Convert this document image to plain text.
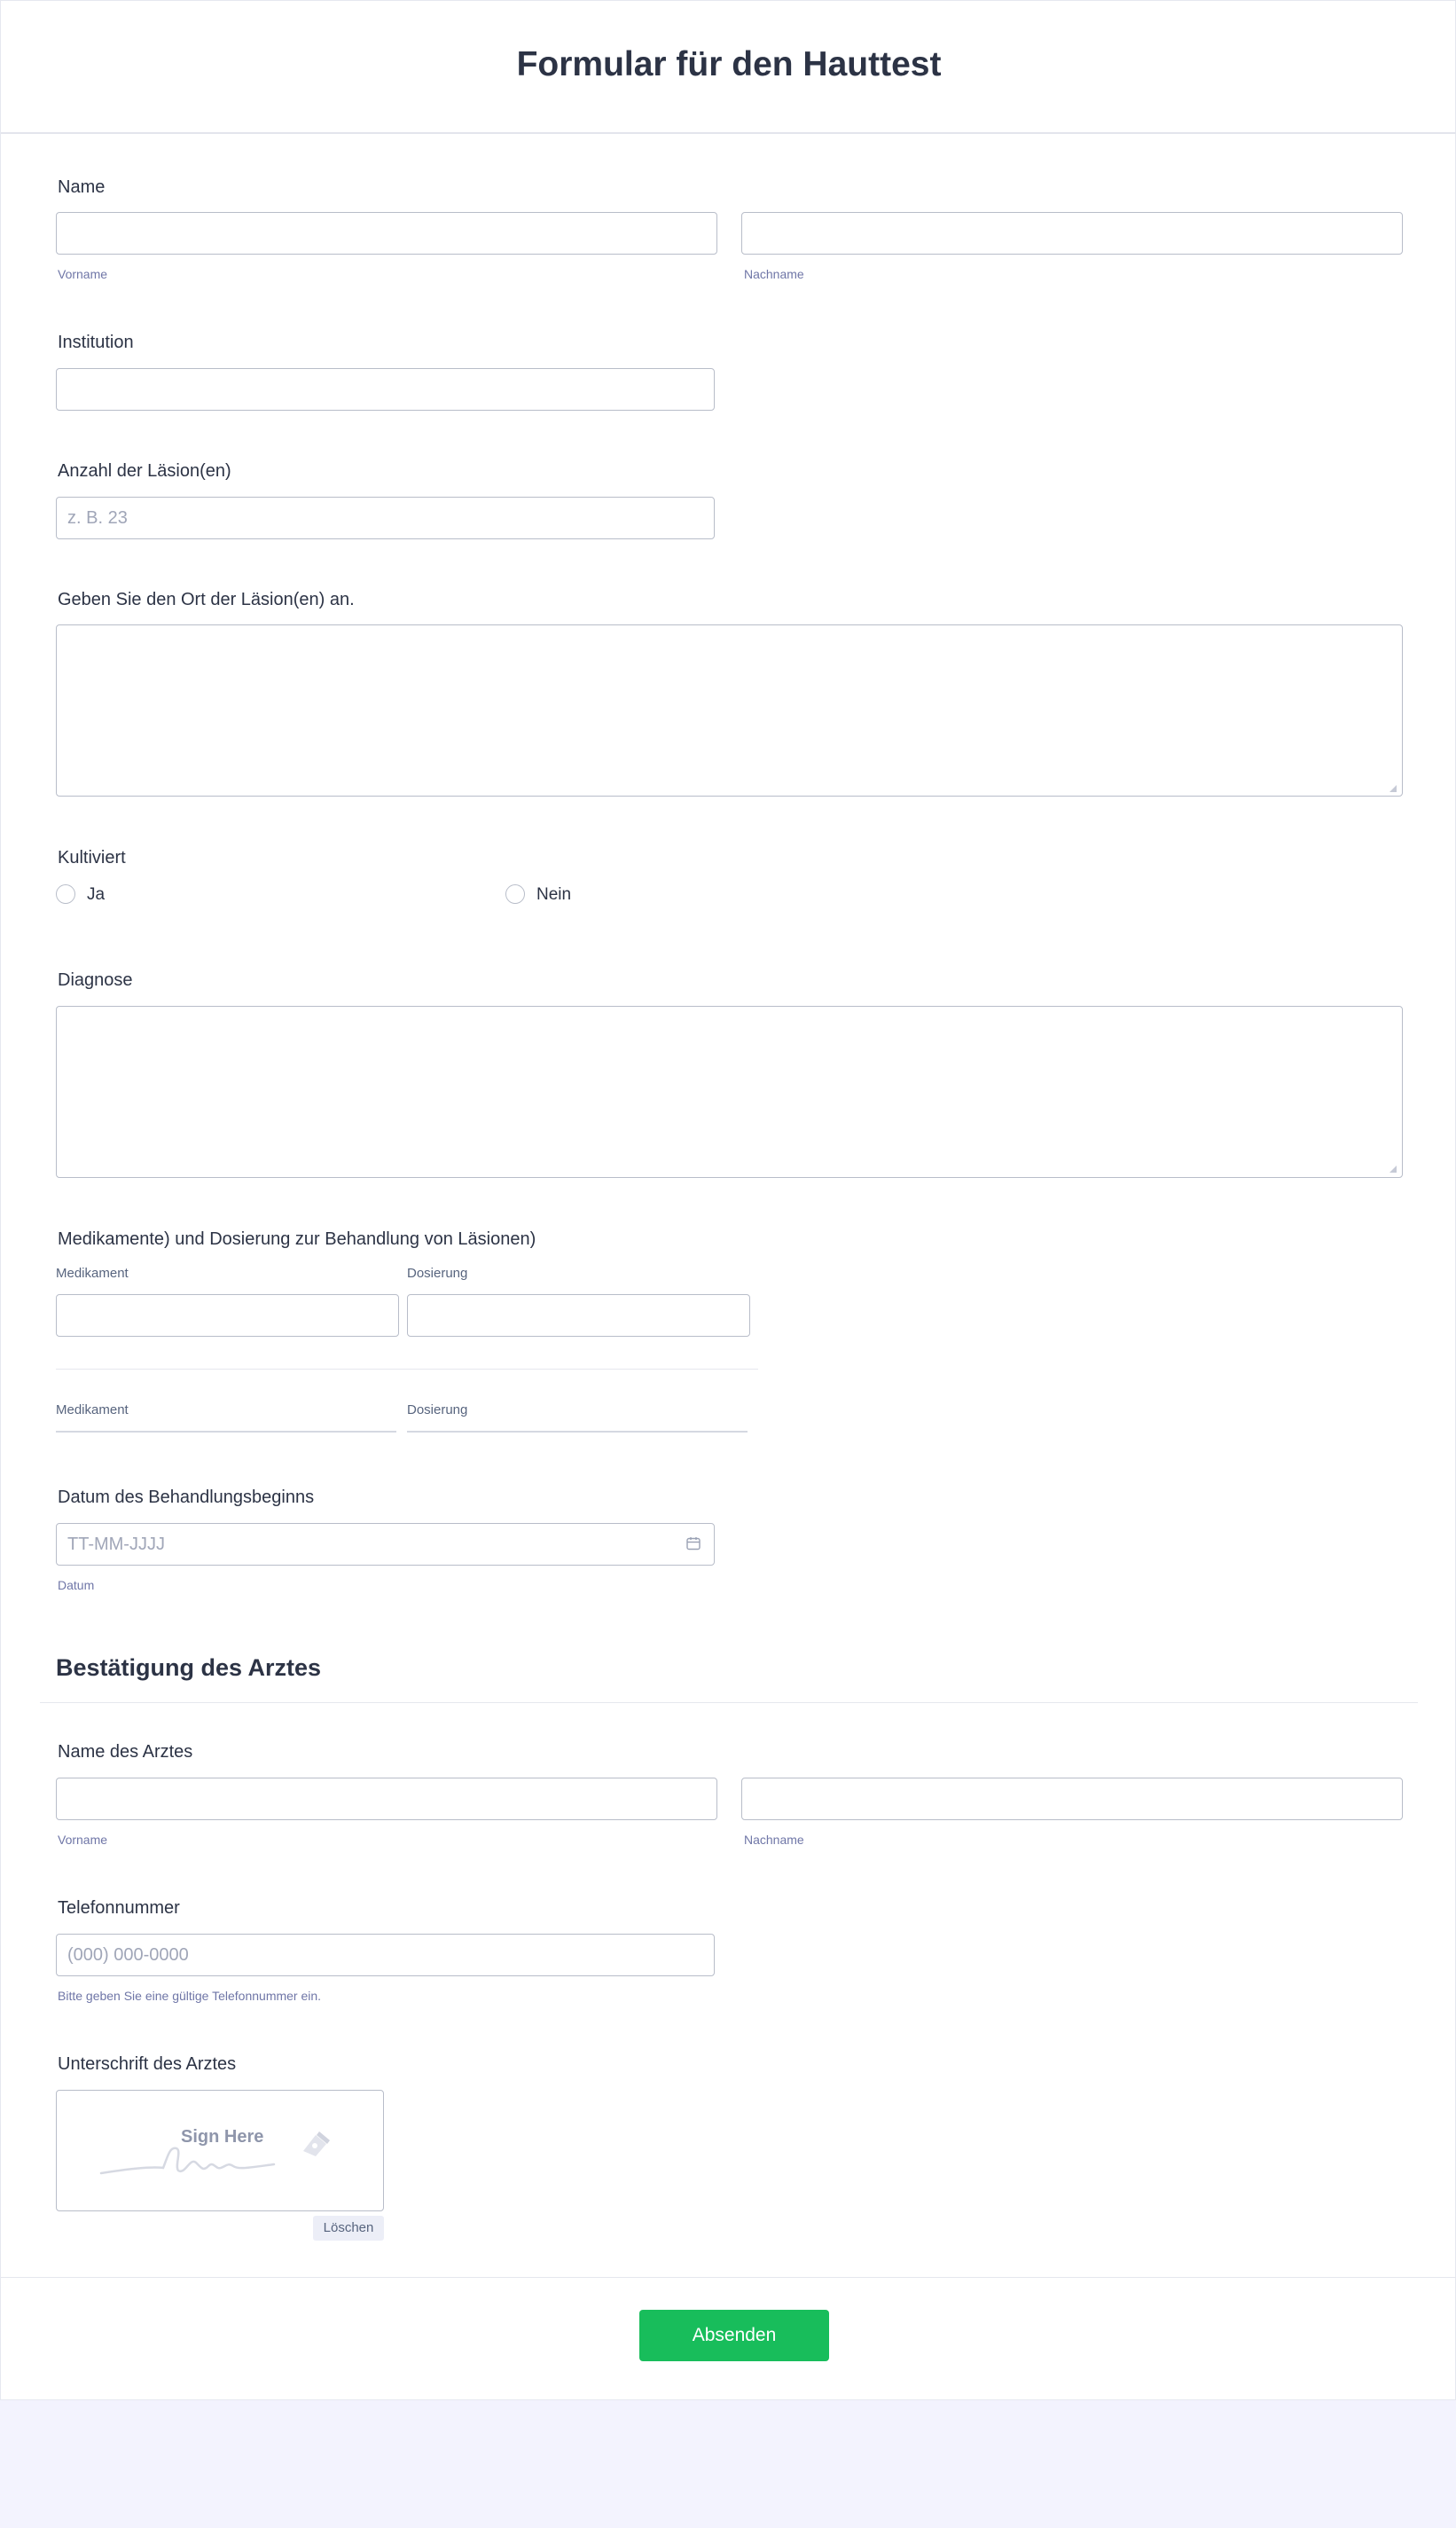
Formular für den Hauttest
Name
Vorname	Nachname
Institution
Anzahl der Läsion(en)
z. B. 23
Geben Sie den Ort der Läsion(en) an.
Kultiviert
Ja	Nein
Diagnose
Medikamente) und Dosierung zur Behandlung von Läsionen)
Medikament	Dosierung
Medikament	Dosierung
Datum des Behandlungsbeginns
TT-MM-JJJJ
Datum
Bestätigung des Arztes
Name des Arztes
Vorname	Nachname
Telefonnummer
(000) 000-0000
Bitte geben Sie eine gültige Telefonnummer ein.
Unterschrift des Arztes
Sign Here
Löschen
Absenden
